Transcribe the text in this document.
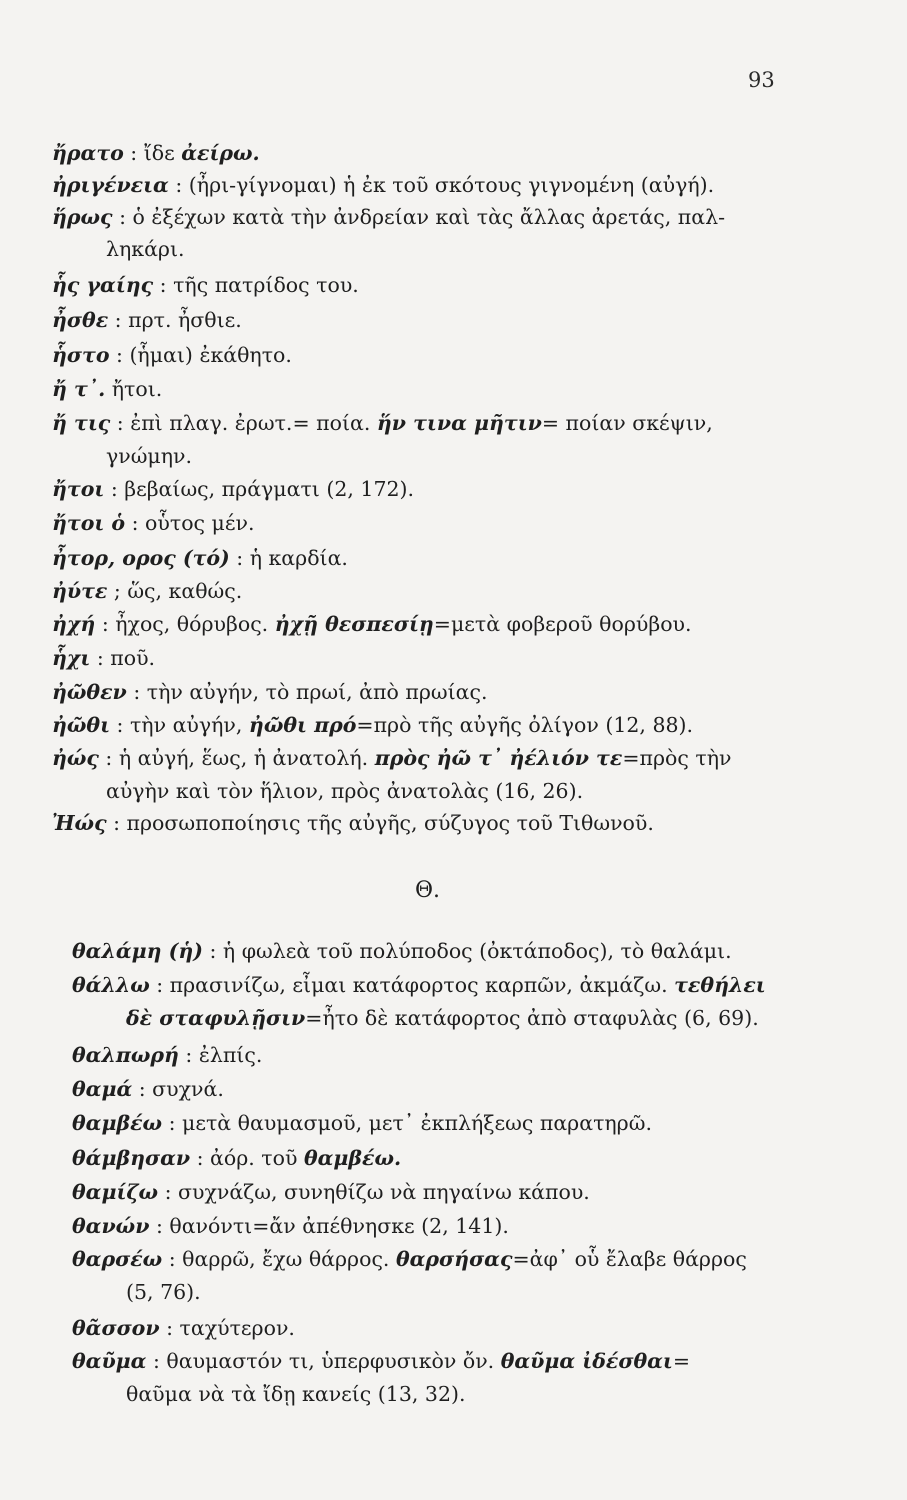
93
Θ.
ἤρατο : ἴδε ἀείρω.
ἠριγένεια : (ἦρι-γίγνομαι) ἡ ἐκ τοῦ σκότους γιγνομένη (αὐγή).
ἥρως : ὁ ἐξέχων κατὰ τὴν ἀνδρείαν καὶ τὰς ἄλλας ἀρετάς, παλ-
ληκάρι.
ἧς γαίης : τῆς πατρίδος του.
ἦσθε : πρτ. ἦσθιε.
ἧστο : (ἧμαι) ἐκάθητο.
ἤ τ᾽. ἤτοι.
ἤ τις : ἐπὶ πλαγ. ἐρωτ.= ποία. ἥν τινα μῆτιν= ποίαν σκέψιν,
γνώμην.
ἤτοι : βεβαίως, πράγματι (2, 172).
ἤτοι ὁ : οὗτος μέν.
ἦτορ, ορος (τό) : ἡ καρδία.
ἠύτε ; ὥς, καθώς.
ἠχή : ἦχος, θόρυβος. ἠχῇ θεσπεσίῃ=μετὰ φοβεροῦ θορύβου.
ἧχι : ποῦ.
ἠῶθεν : τὴν αὐγήν, τὸ πρωί, ἀπὸ πρωίας.
ἠῶθι : τὴν αὐγήν, ἠῶθι πρό=πρὸ τῆς αὐγῆς ὀλίγον (12, 88).
ἠώς : ἡ αὐγή, ἕως, ἡ ἀνατολή. πρὸς ἠῶ τ᾽ ἠέλιόν τε=πρὸς τὴν
αὐγὴν καὶ τὸν ἥλιον, πρὸς ἀνατολὰς (16, 26).
Ἠώς : προσωποποίησις τῆς αὐγῆς, σύζυγος τοῦ Τιθωνοῦ.
θαλάμη (ἡ) : ἡ φωλεὰ τοῦ πολύποδος (ὀκτάποδος), τὸ θαλάμι.
θάλλω : πρασινίζω, εἶμαι κατάφορτος καρπῶν, ἀκμάζω. τεθήλει
δὲ σταφυλῇσιν=ἦτο δὲ κατάφορτος ἀπὸ σταφυλὰς (6, 69).
θαλπωρή : ἐλπίς.
θαμά : συχνά.
θαμβέω : μετὰ θαυμασμοῦ, μετ᾽ ἐκπλήξεως παρατηρῶ.
θάμβησαν : ἀόρ. τοῦ θαμβέω.
θαμίζω : συχνάζω, συνηθίζω νὰ πηγαίνω κάπου.
θανών : θανόντι=ἄν ἀπέθνησκε (2, 141).
θαρσέω : θαρρῶ, ἔχω θάρρος. θαρσήσας=ἀφ᾽ οὗ ἔλαβε θάρρος
(5, 76).
θᾶσσον : ταχύτερον.
θαῦμα : θαυμαστόν τι, ὑπερφυσικὸν ὄν. θαῦμα ἰδέσθαι=
θαῦμα νὰ τὰ ἴδῃ κανείς (13, 32).
